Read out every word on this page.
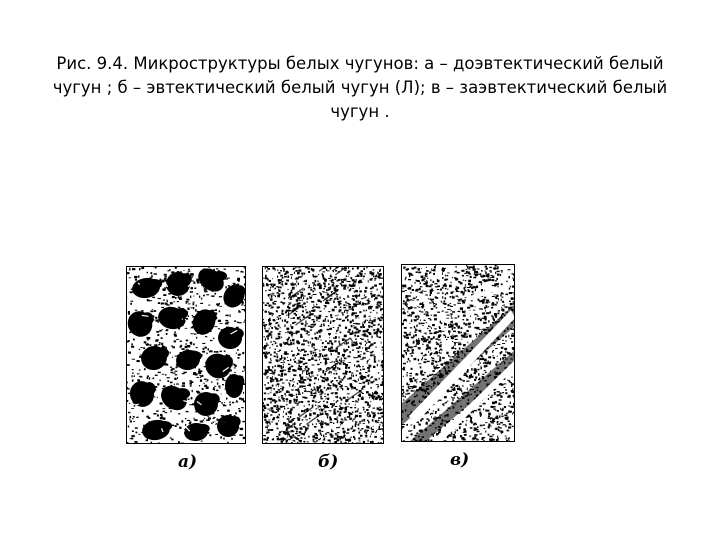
Рис. 9.4. Микроструктуры белых чугунов: а – доэвтектический белый
чугун ; б – эвтектический белый чугун (Л); в – заэвтектический белый
чугун .
а)	б)	в)
